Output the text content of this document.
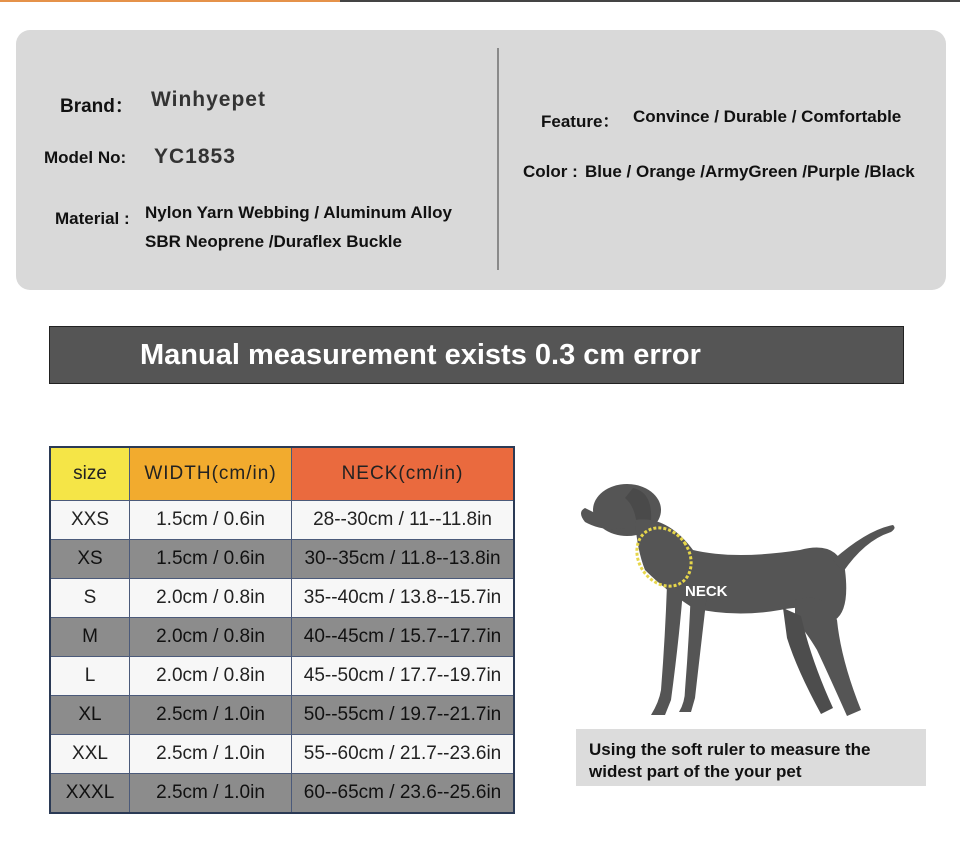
Brand： Winhyepet
Model No: YC1853
Material : Nylon Yarn Webbing / Aluminum Alloy
SBR Neoprene /Duraflex Buckle
Feature： Convince / Durable / Comfortable
Color : Blue / Orange /ArmyGreen /Purple /Black
Manual measurement exists 0.3 cm error
size	WIDTH(cm/in)	NECK(cm/in)
XXS	1.5cm / 0.6in	28--30cm / 11--11.8in
XS	1.5cm / 0.6in	30--35cm / 11.8--13.8in
S	2.0cm / 0.8in	35--40cm / 13.8--15.7in
M	2.0cm / 0.8in	40--45cm / 15.7--17.7in
L	2.0cm / 0.8in	45--50cm / 17.7--19.7in
XL	2.5cm / 1.0in	50--55cm / 19.7--21.7in
XXL	2.5cm / 1.0in	55--60cm / 21.7--23.6in
XXXL	2.5cm / 1.0in	60--65cm / 23.6--25.6in
NECK
Using the soft ruler to measure the widest part of the your pet
